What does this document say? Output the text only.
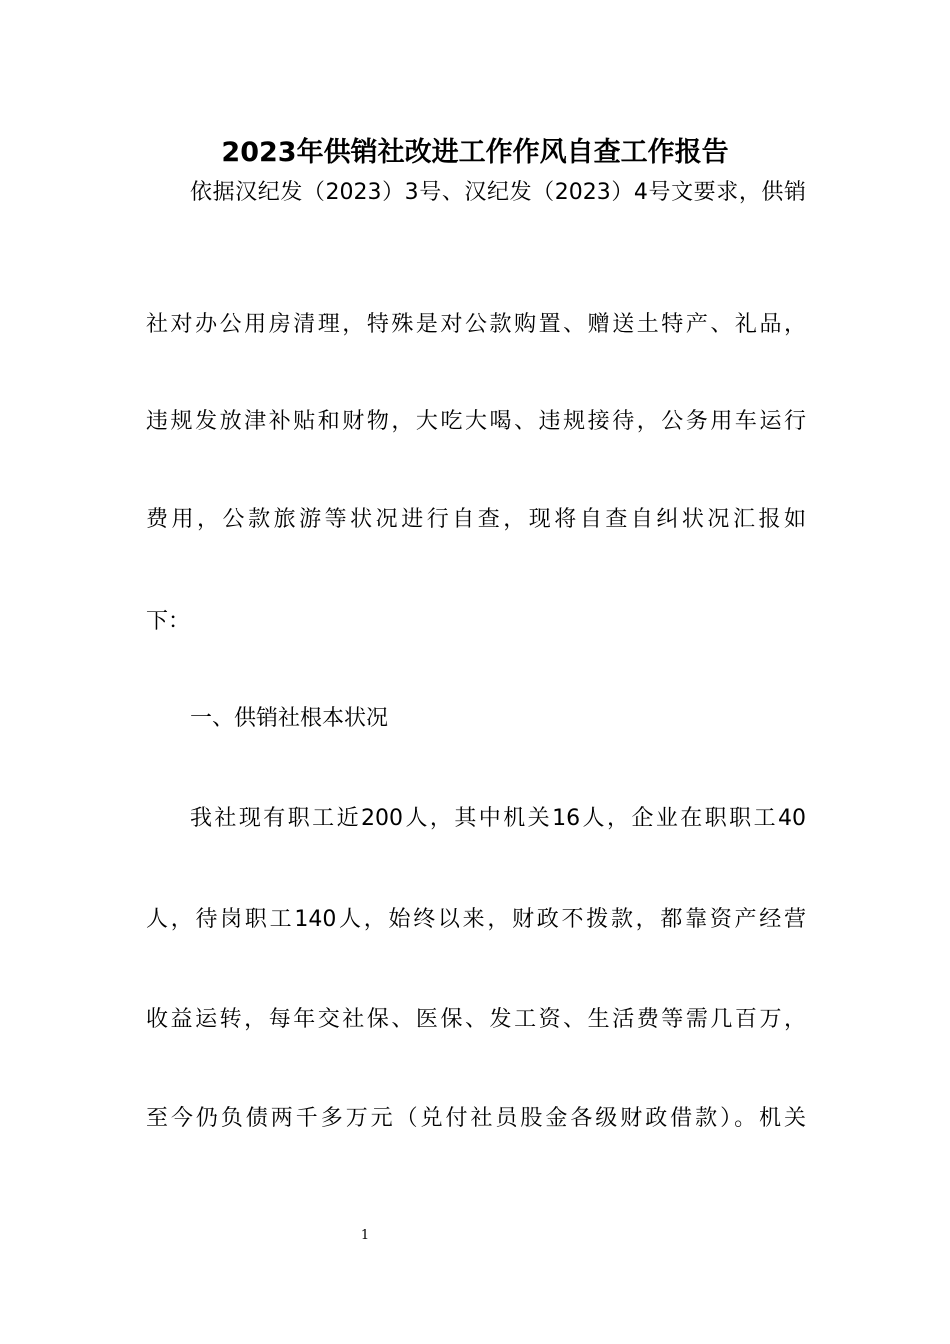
2023年供销社改进工作作风自查工作报告
依据汉纪发（2023）3号、汉纪发（2023）4号文要求，供销
社对办公用房清理，特殊是对公款购置、赠送土特产、礼品，
违规发放津补贴和财物，大吃大喝、违规接待，公务用车运行
费用，公款旅游等状况进行自查，现将自查自纠状况汇报如
下：
一、供销社根本状况
我社现有职工近200人，其中机关16人，企业在职职工40
人，待岗职工140人，始终以来，财政不拨款，都靠资产经营
收益运转，每年交社保、医保、发工资、生活费等需几百万，
至今仍负债两千多万元（兑付社员股金各级财政借款）。机关
1
